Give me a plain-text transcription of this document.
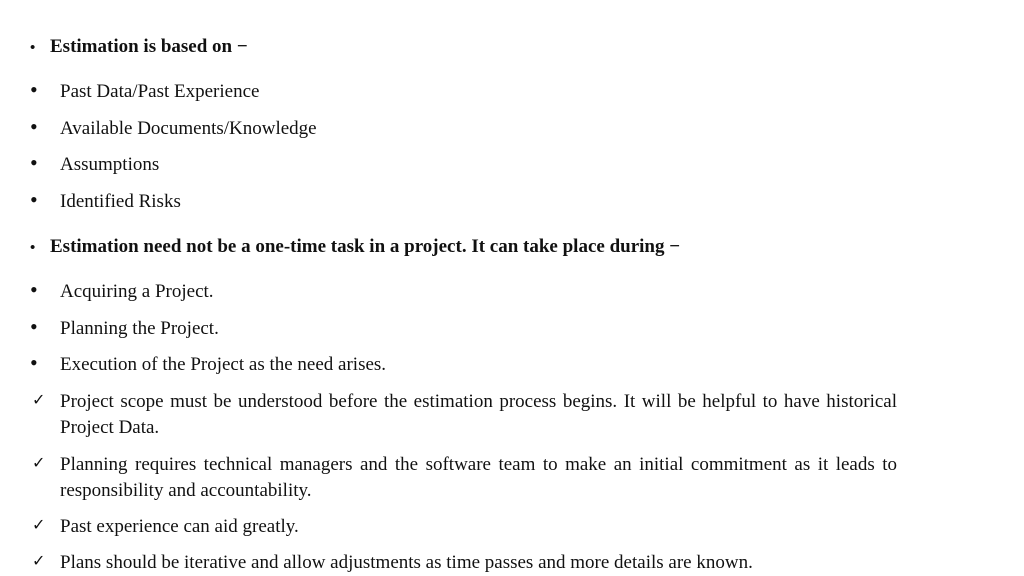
• Estimation is based on −
•	Past Data/Past Experience
•	Available Documents/Knowledge
•	Assumptions
•	Identified Risks
• Estimation need not be a one-time task in a project. It can take place during −
•	Acquiring a Project.
•	Planning the Project.
•	Execution of the Project as the need arises.
✓ Project scope must be understood before the estimation process begins. It will be helpful to have historical Project Data.
✓ Planning requires technical managers and the software team to make an initial commitment as it leads to responsibility and accountability.
✓ Past experience can aid greatly.
✓ Plans should be iterative and allow adjustments as time passes and more details are known.
